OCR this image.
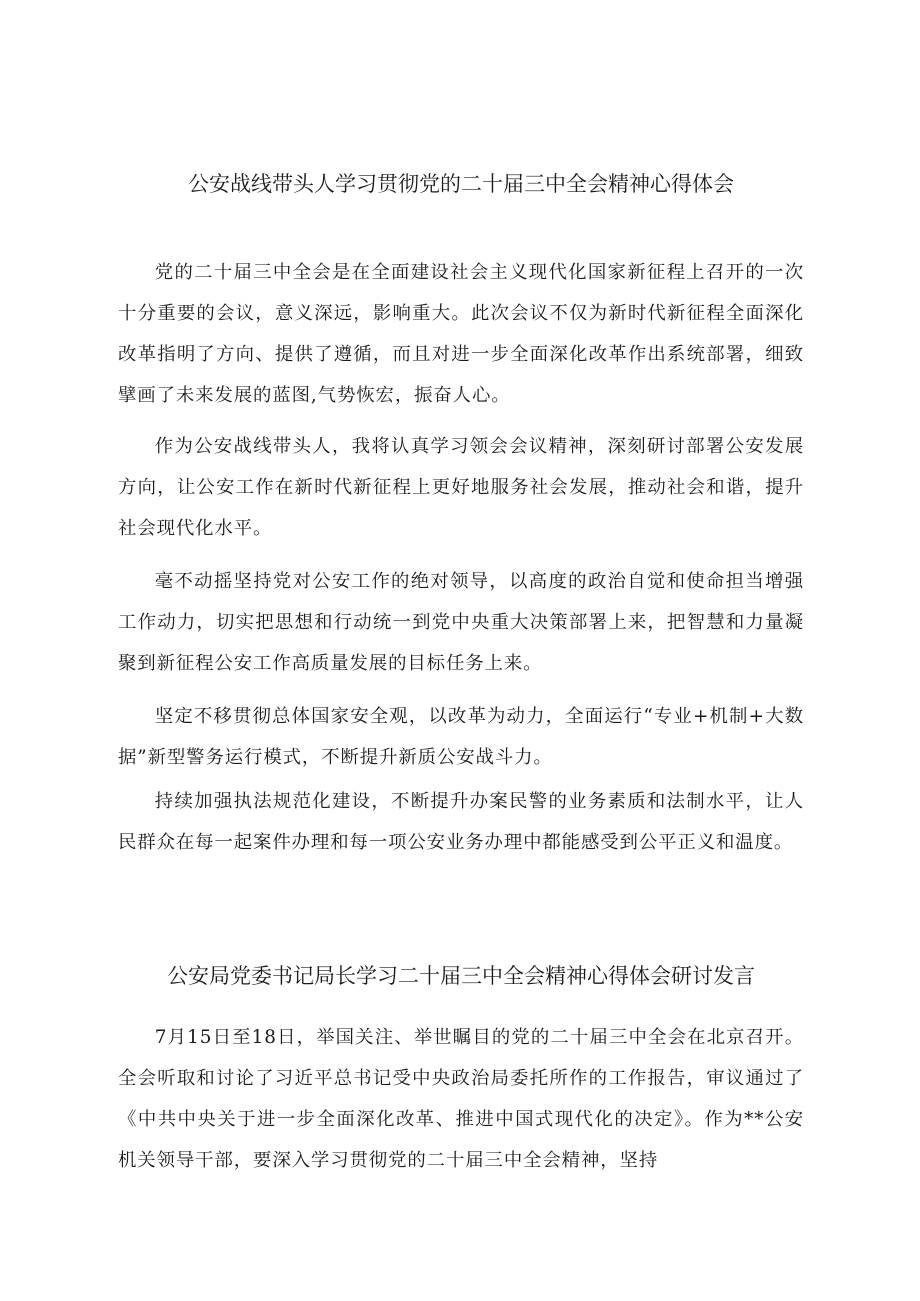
公安战线带头人学习贯彻党的二十届三中全会精神心得体会

党的二十届三中全会是在全面建设社会主义现代化国家新征程上召开的一次十分重要的会议，意义深远，影响重大。此次会议不仅为新时代新征程全面深化改革指明了方向、提供了遵循，而且对进一步全面深化改革作出系统部署，细致擘画了未来发展的蓝图,气势恢宏，振奋人心。

作为公安战线带头人，我将认真学习领会会议精神，深刻研讨部署公安发展方向，让公安工作在新时代新征程上更好地服务社会发展，推动社会和谐，提升社会现代化水平。

毫不动摇坚持党对公安工作的绝对领导，以高度的政治自觉和使命担当增强工作动力，切实把思想和行动统一到党中央重大决策部署上来，把智慧和力量凝聚到新征程公安工作高质量发展的目标任务上来。

坚定不移贯彻总体国家安全观，以改革为动力，全面运行“专业+机制+大数据”新型警务运行模式，不断提升新质公安战斗力。

持续加强执法规范化建设，不断提升办案民警的业务素质和法制水平，让人民群众在每一起案件办理和每一项公安业务办理中都能感受到公平正义和温度。

公安局党委书记局长学习二十届三中全会精神心得体会研讨发言

7月15日至18日，举国关注、举世瞩目的党的二十届三中全会在北京召开。全会听取和讨论了习近平总书记受中央政治局委托所作的工作报告，审议通过了《中共中央关于进一步全面深化改革、推进中国式现代化的决定》。作为**公安机关领导干部，要深入学习贯彻党的二十届三中全会精神，坚持
